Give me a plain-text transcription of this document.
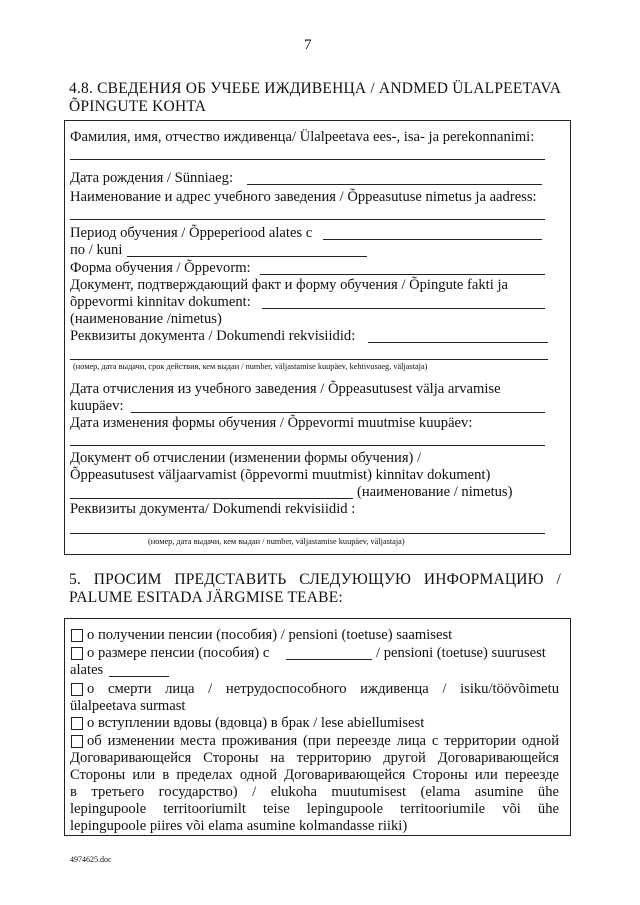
7
4.8. СВЕДЕНИЯ ОБ УЧЕБЕ ИЖДИВЕНЦА / ANDMED ÜLALPEETAVA
ÕPINGUTE KOHTA
Фамилия, имя, отчество иждивенца/ Ülalpeetava ees-, isa- ja perekonnanimi:
Дата рождения / Sünniaeg:
Наименование и адрес учебного заведения / Õppeasutuse nimetus ja aadress:
Период обучения / Õppeperiood alates с
по / kuni
Форма обучения / Õppevorm:
Документ, подтверждающий факт и форму обучения / Õpingute fakti ja
õppevormi kinnitav dokument:
(наименование /nimetus)
Реквизиты документа / Dokumendi rekvisiidid:
(номер, дата выдачи, срок действия, кем выдан / number, väljastamise kuupäev, kehtivusaeg, väljastaja)
Дата отчисления из учебного заведения / Õppeasutusest välja arvamise
kuupäev:
Дата изменения формы обучения / Õppevormi muutmise kuupäev:
Документ об отчислении (изменении формы обучения) /
Õppeasutusest väljaarvamist (õppevormi muutmist) kinnitav dokument)
(наименование / nimetus)
Реквизиты документа/ Dokumendi rekvisiidid :
(номер, дата выдачи, кем выдан / number, väljastamise kuupäev, väljastaja)
5. ПРОСИМ ПРЕДСТАВИТЬ СЛЕДУЮЩУЮ ИНФОРМАЦИЮ /
PALUME ESITADA JÄRGMISE TEABE:
о получении пенсии (пособия) / pensioni (toetuse) saamisest
о размере пенсии (пособия) с	/ pensioni (toetuse) suurusest
alates
о смерти лица / нетрудоспособного иждивенца / isiku/töövõimetu
ülalpeetava surmast
о вступлении вдовы (вдовца) в брак / lese abiellumisest
об изменении места проживания (при переезде лица с территории одной
Договаривающейся Стороны на территорию другой Договаривающейся
Стороны или в пределах одной Договаривающейся Стороны или переезде
в третьего государство) / elukoha muutumisest (elama asumine ühe
lepingupoole territooriumilt teise lepingupoole territooriumile või ühe
lepingupoole piires või elama asumine kolmandasse riiki)
4974625.doc
